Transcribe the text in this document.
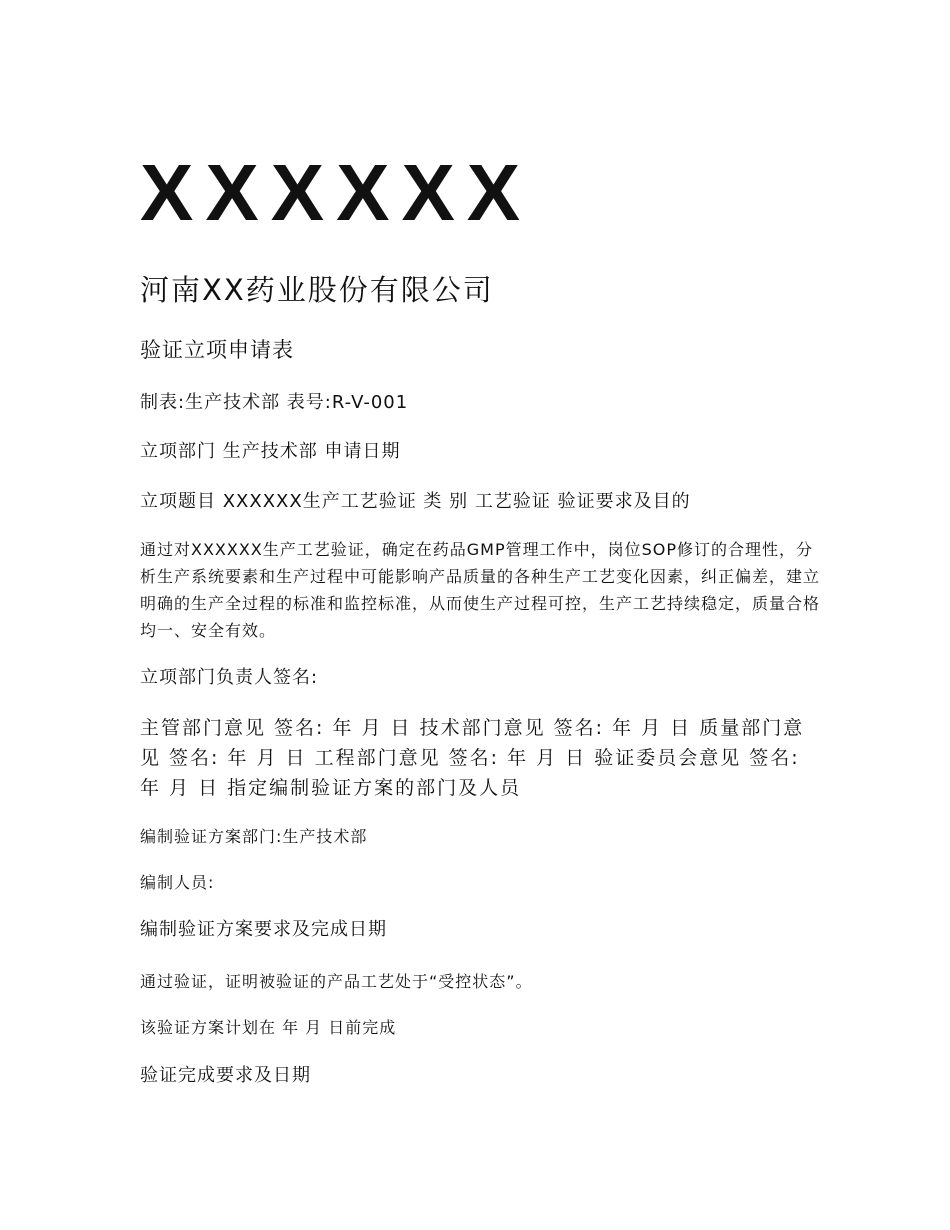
XXXXXX
河南XX药业股份有限公司
验证立项申请表
制表:生产技术部 表号:R-V-001
立项部门 生产技术部 申请日期
立项题目 XXXXXX生产工艺验证 类 别 工艺验证 验证要求及目的
通过对XXXXXX生产工艺验证，确定在药品GMP管理工作中，岗位SOP修订的合理性，分析生产系统要素和生产过程中可能影响产品质量的各种生产工艺变化因素，纠正偏差，建立明确的生产全过程的标准和监控标准，从而使生产过程可控，生产工艺持续稳定，质量合格均一、安全有效。
立项部门负责人签名:
主管部门意见 签名: 年 月 日 技术部门意见 签名: 年 月 日 质量部门意见 签名: 年 月 日 工程部门意见 签名: 年 月 日 验证委员会意见 签名: 年 月 日 指定编制验证方案的部门及人员
编制验证方案部门:生产技术部
编制人员:
编制验证方案要求及完成日期
通过验证，证明被验证的产品工艺处于“受控状态”。
该验证方案计划在 年 月 日前完成
验证完成要求及日期
